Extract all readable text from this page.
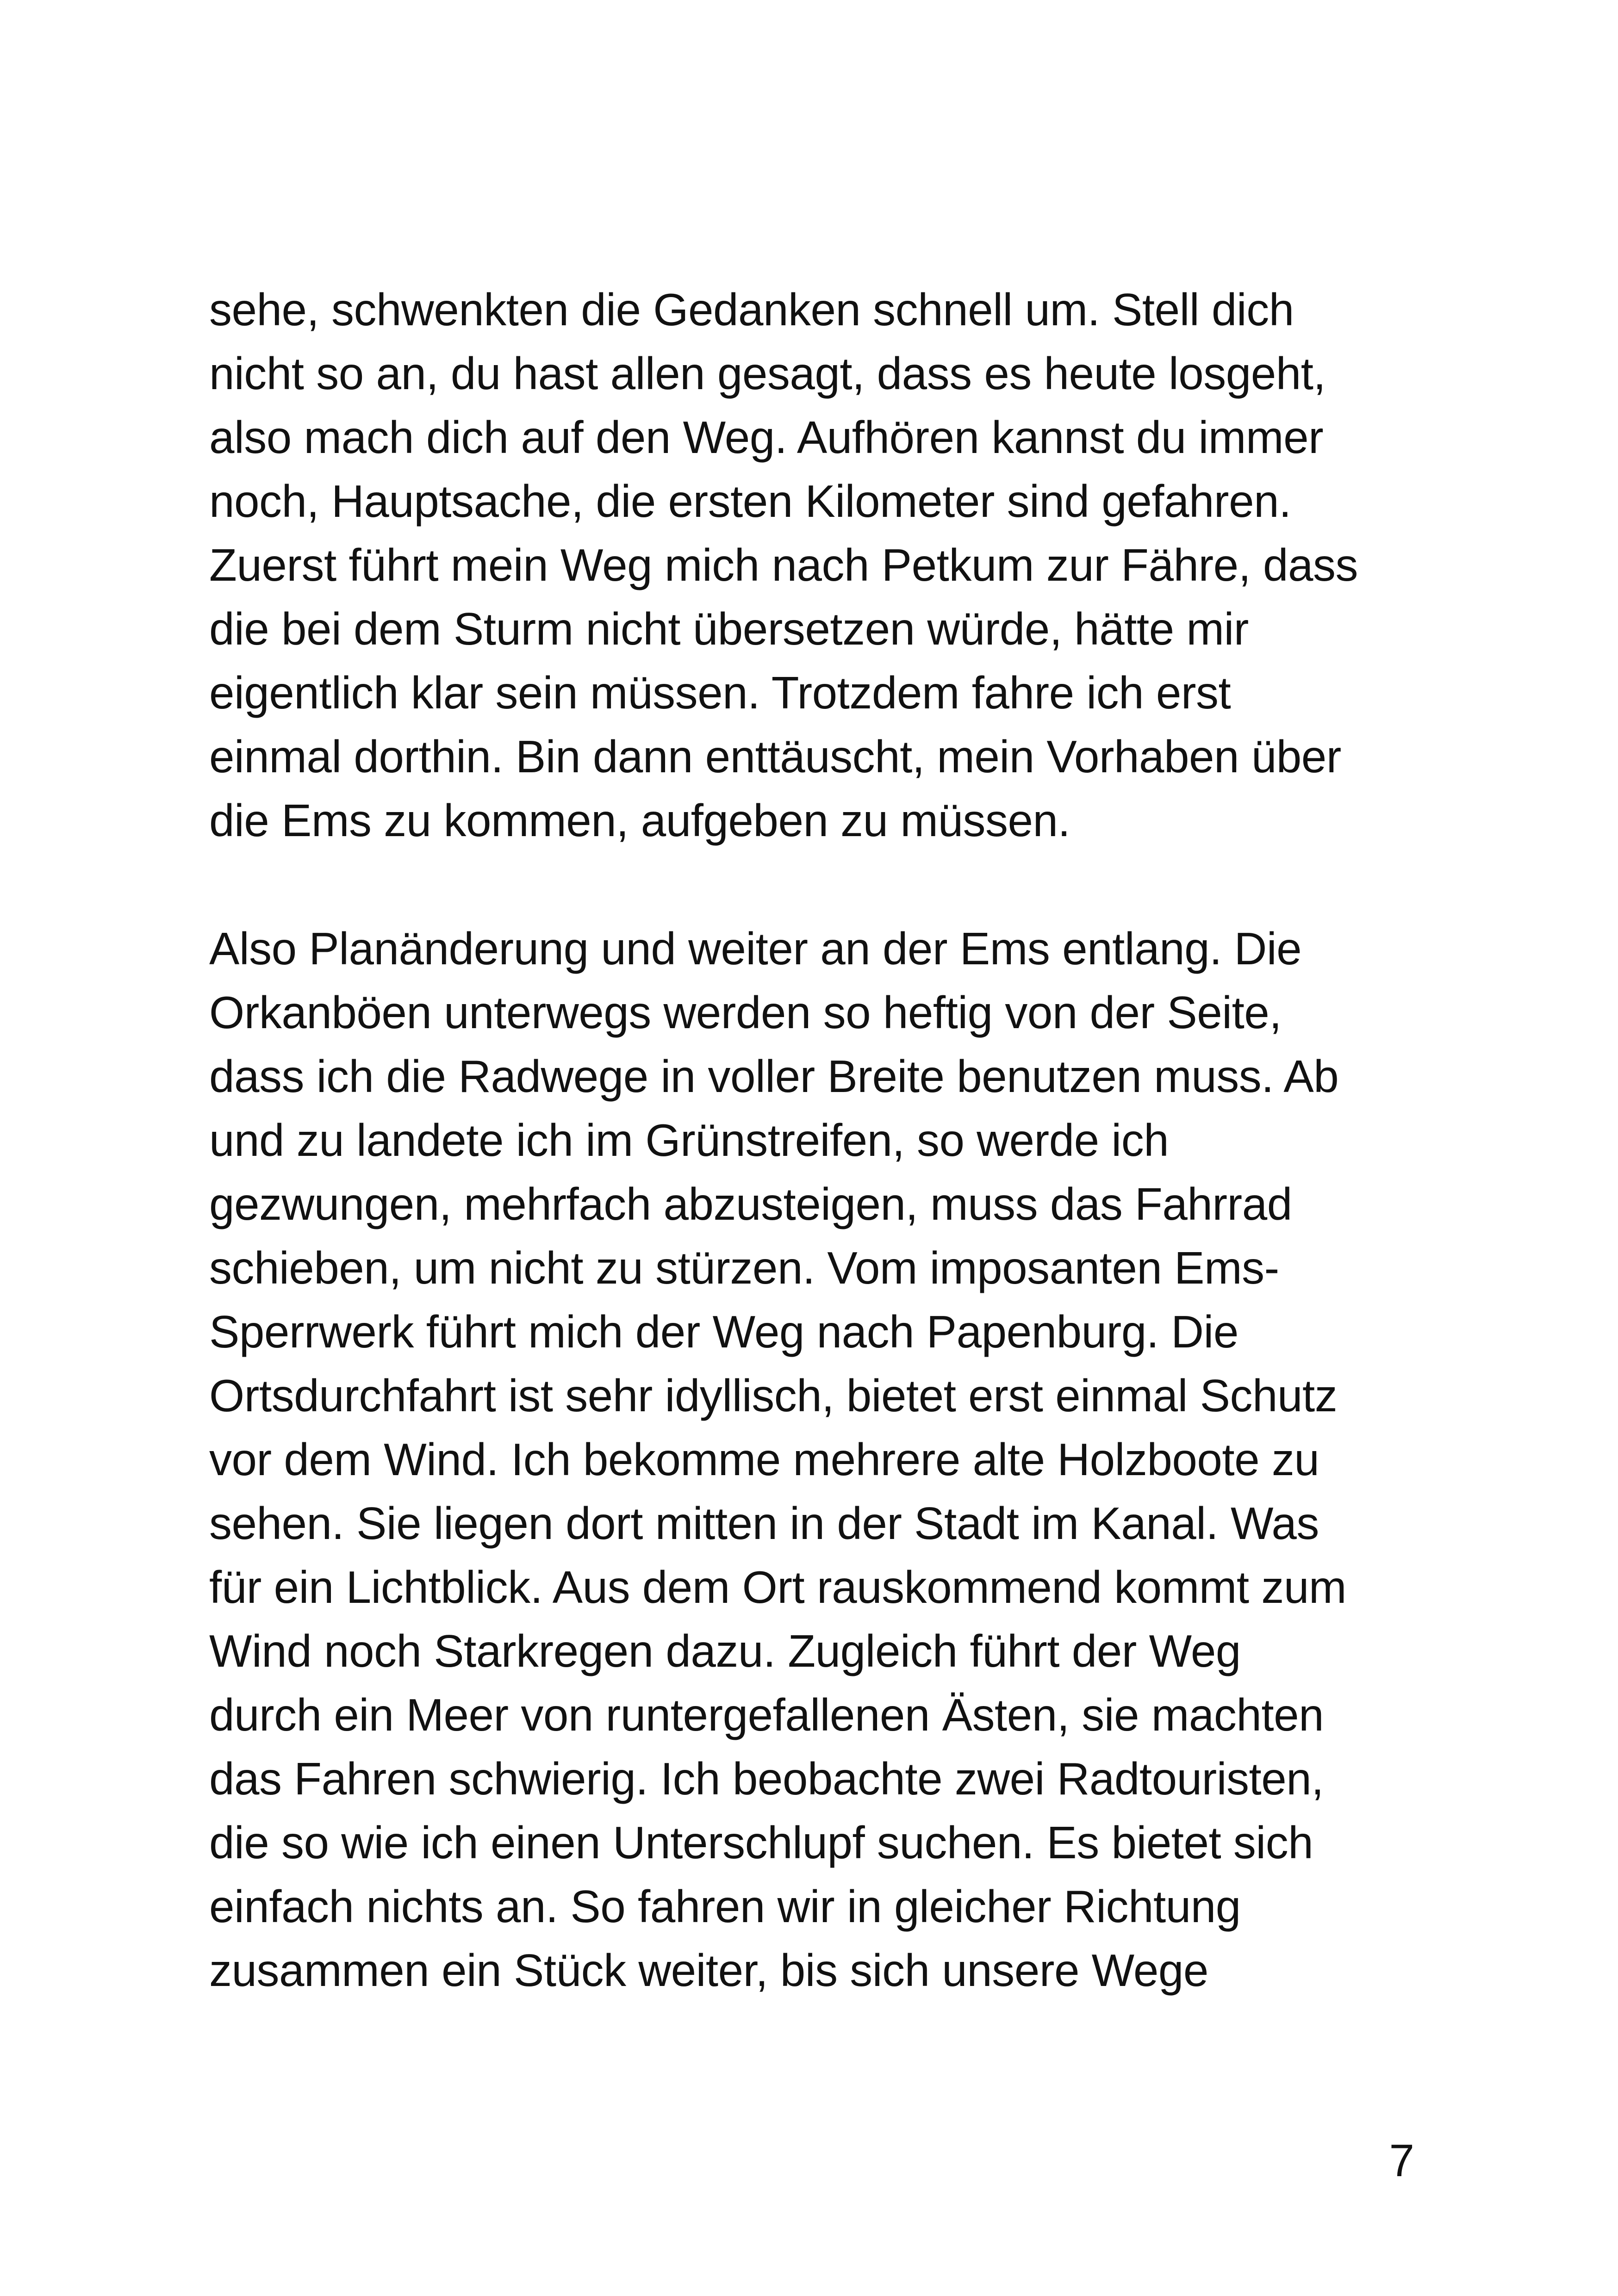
sehe, schwenkten die Gedanken schnell um. Stell dich
nicht so an, du hast allen gesagt, dass es heute losgeht,
also mach dich auf den Weg. Aufhören kannst du immer
noch, Hauptsache, die ersten Kilometer sind gefahren.
Zuerst führt mein Weg mich nach Petkum zur Fähre, dass
die bei dem Sturm nicht übersetzen würde, hätte mir
eigentlich klar sein müssen. Trotzdem fahre ich erst
einmal dorthin. Bin dann enttäuscht, mein Vorhaben über
die Ems zu kommen, aufgeben zu müssen.

Also Planänderung und weiter an der Ems entlang. Die
Orkanböen unterwegs werden so heftig von der Seite,
dass ich die Radwege in voller Breite benutzen muss. Ab
und zu landete ich im Grünstreifen, so werde ich
gezwungen, mehrfach abzusteigen, muss das Fahrrad
schieben, um nicht zu stürzen. Vom imposanten Ems-
Sperrwerk führt mich der Weg nach Papenburg. Die
Ortsdurchfahrt ist sehr idyllisch, bietet erst einmal Schutz
vor dem Wind. Ich bekomme mehrere alte Holzboote zu
sehen. Sie liegen dort mitten in der Stadt im Kanal. Was
für ein Lichtblick. Aus dem Ort rauskommend kommt zum
Wind noch Starkregen dazu. Zugleich führt der Weg
durch ein Meer von runtergefallenen Ästen, sie machten
das Fahren schwierig. Ich beobachte zwei Radtouristen,
die so wie ich einen Unterschlupf suchen. Es bietet sich
einfach nichts an. So fahren wir in gleicher Richtung
zusammen ein Stück weiter, bis sich unsere Wege

7
